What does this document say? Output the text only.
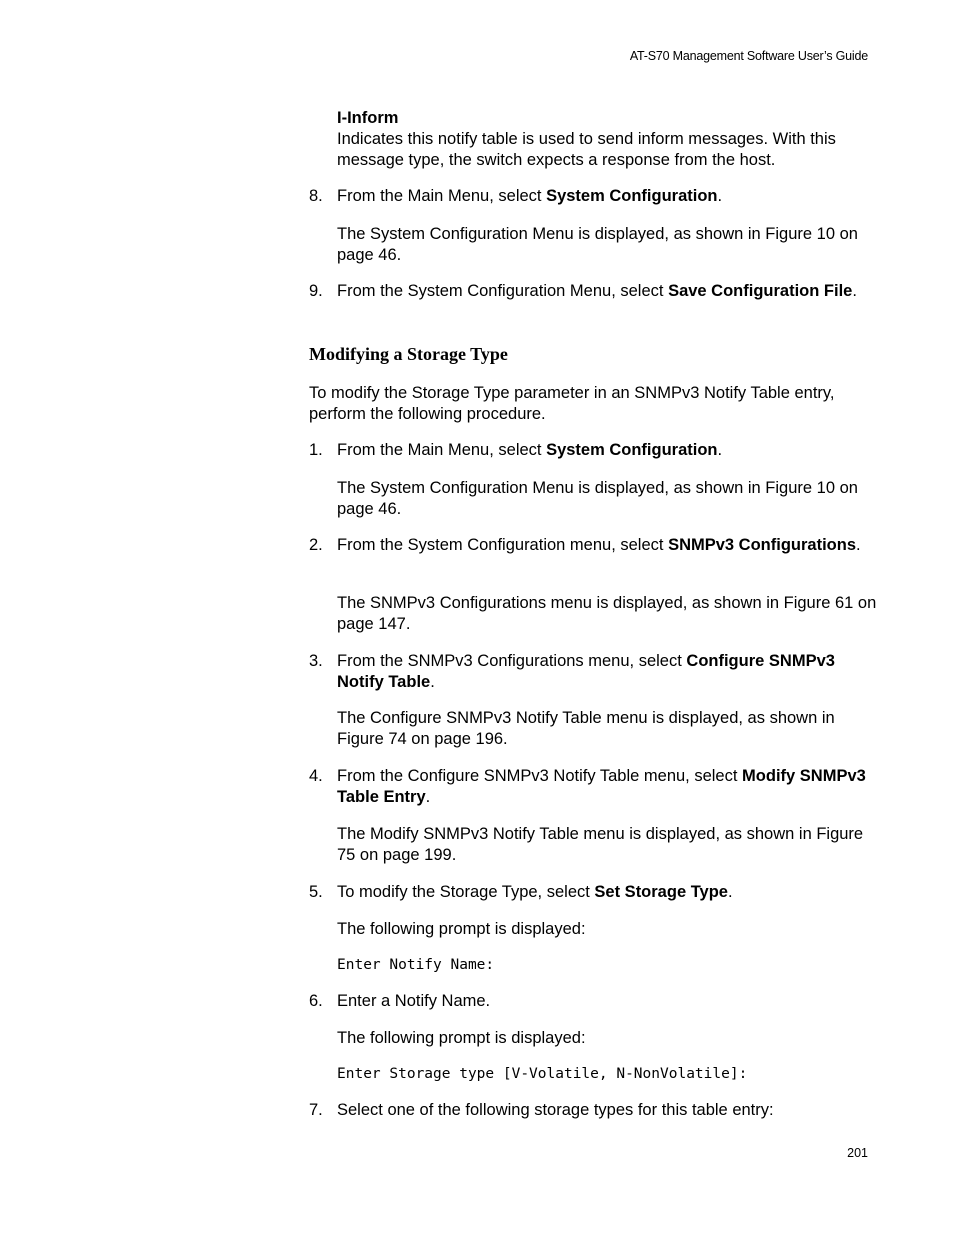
AT-S70 Management Software User’s Guide
I-Inform
Indicates this notify table is used to send inform messages. With this message type, the switch expects a response from the host.
8. From the Main Menu, select System Configuration.
The System Configuration Menu is displayed, as shown in Figure 10 on page 46.
9. From the System Configuration Menu, select Save Configuration File.
Modifying a Storage Type
To modify the Storage Type parameter in an SNMPv3 Notify Table entry, perform the following procedure.
1. From the Main Menu, select System Configuration.
The System Configuration Menu is displayed, as shown in Figure 10 on page 46.
2. From the System Configuration menu, select SNMPv3 Configurations.
The SNMPv3 Configurations menu is displayed, as shown in Figure 61 on page 147.
3. From the SNMPv3 Configurations menu, select Configure SNMPv3 Notify Table.
The Configure SNMPv3 Notify Table menu is displayed, as shown in Figure 74 on page 196.
4. From the Configure SNMPv3 Notify Table menu, select Modify SNMPv3 Table Entry.
The Modify SNMPv3 Notify Table menu is displayed, as shown in Figure 75 on page 199.
5. To modify the Storage Type, select Set Storage Type.
The following prompt is displayed:
Enter Notify Name:
6. Enter a Notify Name.
The following prompt is displayed:
Enter Storage type [V-Volatile, N-NonVolatile]:
7. Select one of the following storage types for this table entry:
201
